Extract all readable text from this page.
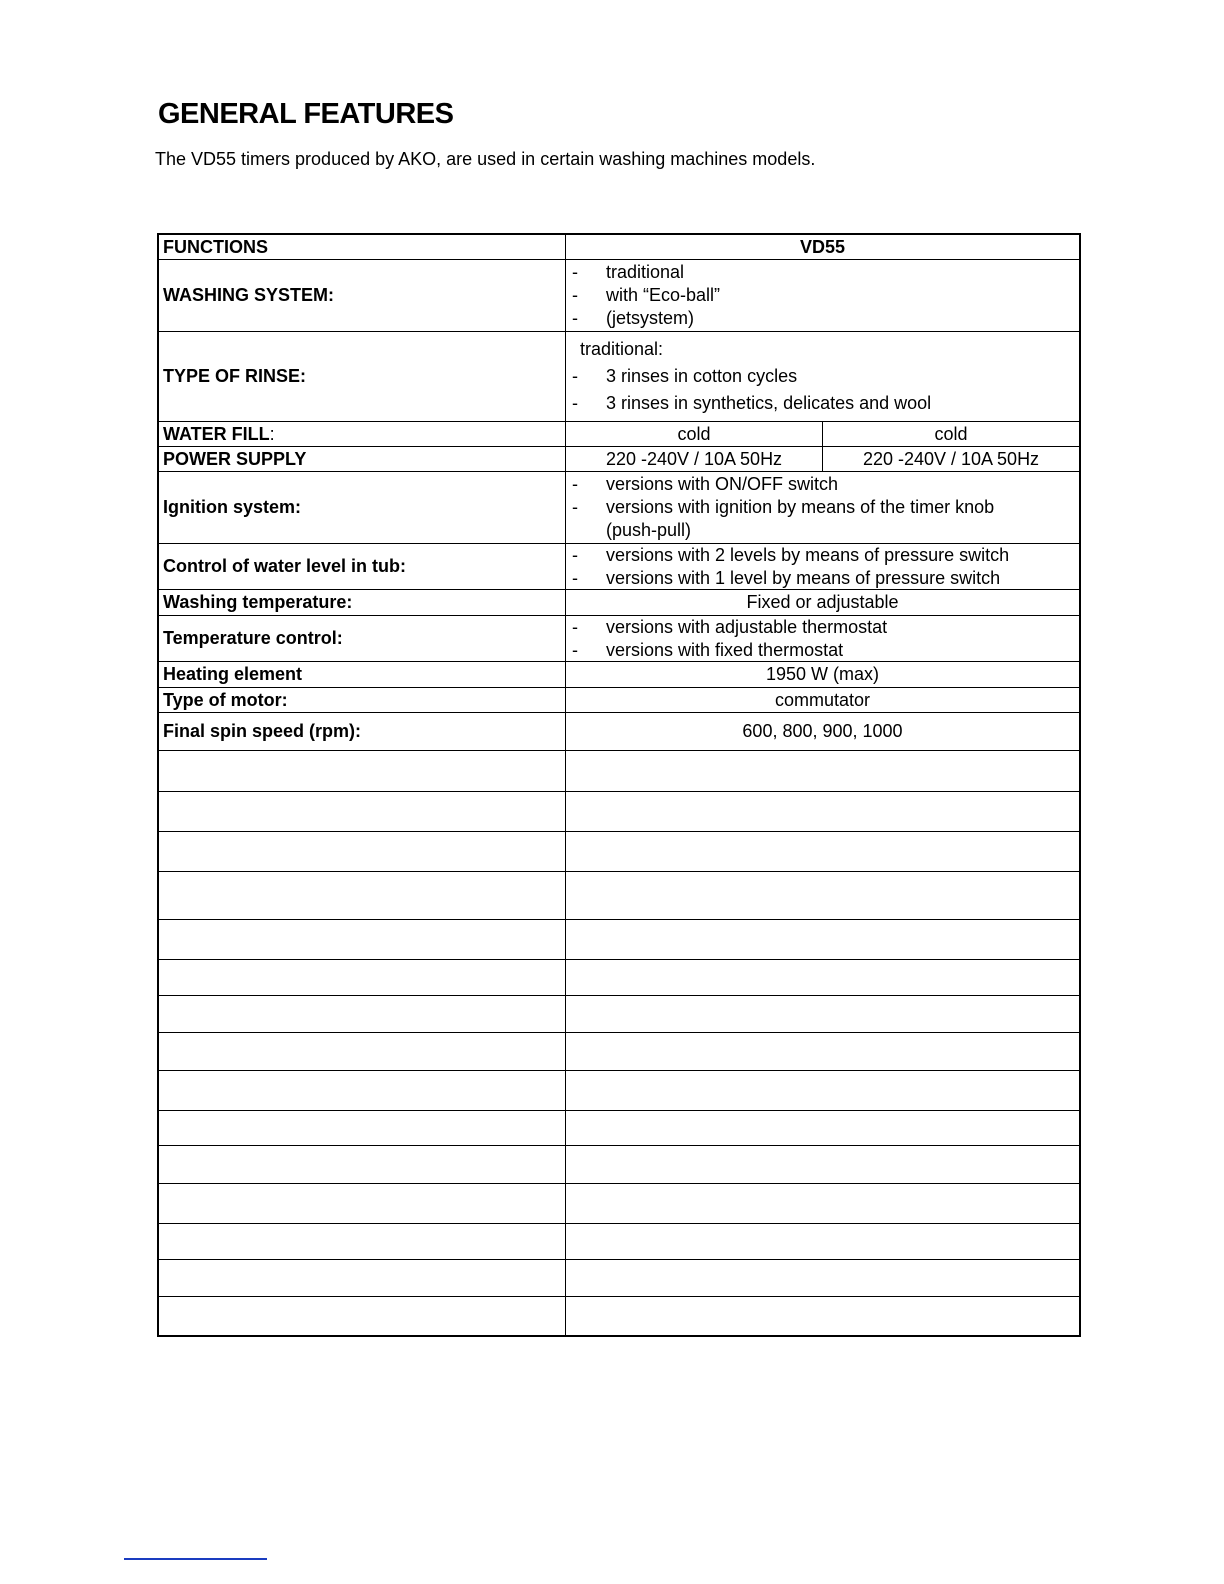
GENERAL FEATURES

The VD55 timers produced by AKO, are used in certain washing machines models.

FUNCTIONS	VD55
WASHING SYSTEM:
-	traditional
-	with “Eco-ball”
-	(jetsystem)
TYPE OF RINSE:
traditional:
-	3 rinses in cotton cycles
-	3 rinses in synthetics, delicates and wool
WATER FILL :	cold	cold
POWER SUPPLY	220 -240V / 10A 50Hz	220 -240V / 10A 50Hz
Ignition system:
-	versions with ON/OFF switch
-	versions with ignition by means of the timer knob
(push-pull)
Control of water level in tub:
-	versions with 2 levels by means of pressure switch
-	versions with 1 level by means of pressure switch
Washing temperature:	Fixed or adjustable
Temperature control:
-	versions with adjustable thermostat
-	versions with fixed thermostat
Heating element	1950 W (max)
Type of motor:	commutator
Final spin speed (rpm):	600, 800, 900, 1000
